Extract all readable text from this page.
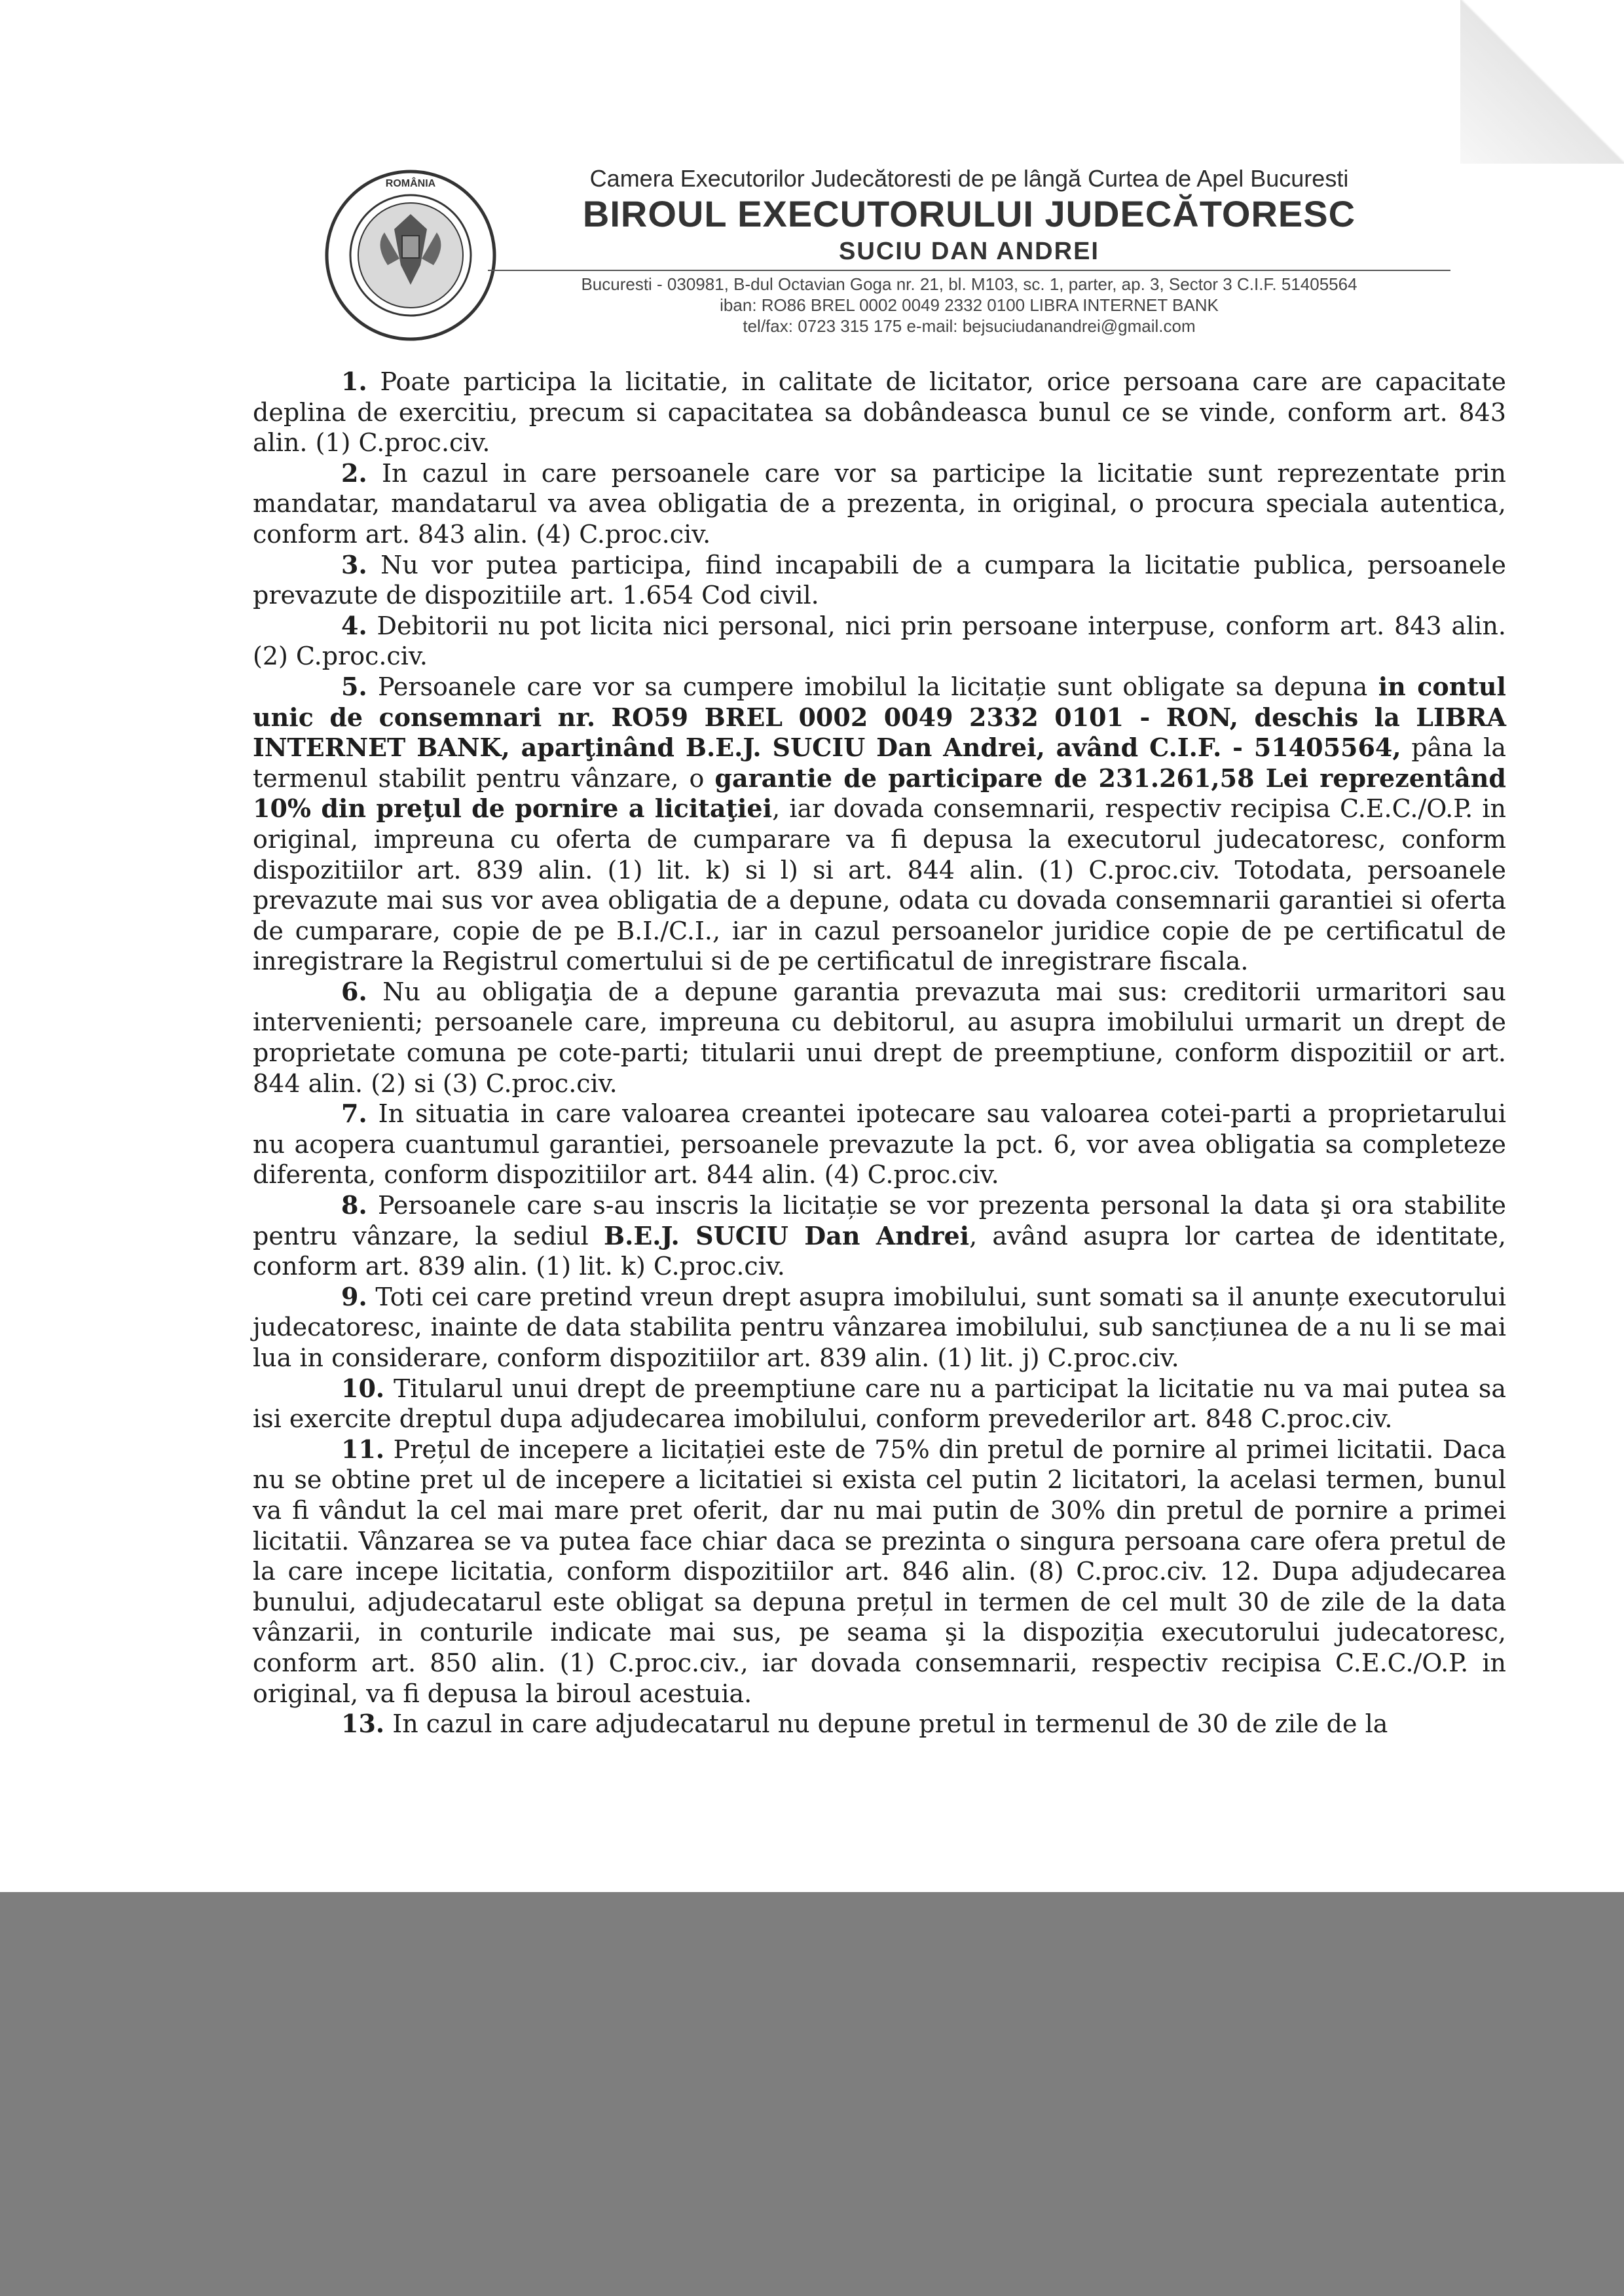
ROMÂNIA	Camera Executorilor Judecătoresti de pe lângă Curtea de Apel Bucuresti
BIROUL EXECUTORULUI JUDECĂTORESC
SUCIU DAN ANDREI
Bucuresti - 030981, B-dul Octavian Goga nr. 21, bl. M103, sc. 1, parter, ap. 3, Sector 3 C.I.F. 51405564
iban: RO86 BREL 0002 0049 2332 0100 LIBRA INTERNET BANK
tel/fax: 0723 315 175 e-mail: bejsuciudanandrei@gmail.com

1. Poate participa la licitatie, in calitate de licitator, orice persoana care are capacitate deplina de exercitiu, precum si capacitatea sa dobândeasca bunul ce se vinde, conform art. 843 alin. (1) C.proc.civ.

2. In cazul in care persoanele care vor sa participe la licitatie sunt reprezentate prin mandatar, mandatarul va avea obligatia de a prezenta, in original, o procura speciala autentica, conform art. 843 alin. (4) C.proc.civ.

3. Nu vor putea participa, fiind incapabili de a cumpara la licitatie publica, persoanele prevazute de dispozitiile art. 1.654 Cod civil.

4. Debitorii nu pot licita nici personal, nici prin persoane interpuse, conform art. 843 alin. (2) C.proc.civ.

5. Persoanele care vor sa cumpere imobilul la licitație sunt obligate sa depuna in contul unic de consemnari nr. RO59 BREL 0002 0049 2332 0101 - RON, deschis la LIBRA INTERNET BANK, aparţinând B.E.J. SUCIU Dan Andrei, având C.I.F. - 51405564, pâna la termenul stabilit pentru vânzare, o garantie de participare de 231.261,58 Lei reprezentând 10% din preţul de pornire a licitaţiei, iar dovada consemnarii, respectiv recipisa C.E.C./O.P. in original, impreuna cu oferta de cumparare va fi depusa la executorul judecatoresc, conform dispozitiilor art. 839 alin. (1) lit. k) si l) si art. 844 alin. (1) C.proc.civ. Totodata, persoanele prevazute mai sus vor avea obligatia de a depune, odata cu dovada consemnarii garantiei si oferta de cumparare, copie de pe B.I./C.I., iar in cazul persoanelor juridice copie de pe certificatul de inregistrare la Registrul comertului si de pe certificatul de inregistrare fiscala.

6. Nu au obligaţia de a depune garantia prevazuta mai sus: creditorii urmaritori sau intervenienti; persoanele care, impreuna cu debitorul, au asupra imobilului urmarit un drept de proprietate comuna pe cote-parti; titularii unui drept de preemptiune, conform dispozitiil or art. 844 alin. (2) si (3) C.proc.civ.

7. In situatia in care valoarea creantei ipotecare sau valoarea cotei-parti a proprietarului nu acopera cuantumul garantiei, persoanele prevazute la pct. 6, vor avea obligatia sa completeze diferenta, conform dispozitiilor art. 844 alin. (4) C.proc.civ.

8. Persoanele care s-au inscris la licitație se vor prezenta personal la data şi ora stabilite pentru vânzare, la sediul B.E.J. SUCIU Dan Andrei, având asupra lor cartea de identitate, conform art. 839 alin. (1) lit. k) C.proc.civ.

9. Toti cei care pretind vreun drept asupra imobilului, sunt somati sa il anunțe executorului judecatoresc, inainte de data stabilita pentru vânzarea imobilului, sub sancțiunea de a nu li se mai lua in considerare, conform dispozitiilor art. 839 alin. (1) lit. j) C.proc.civ.

10. Titularul unui drept de preemptiune care nu a participat la licitatie nu va mai putea sa isi exercite dreptul dupa adjudecarea imobilului, conform prevederilor art. 848 C.proc.civ.

11. Prețul de incepere a licitației este de 75% din pretul de pornire al primei licitatii. Daca nu se obtine pret ul de incepere a licitatiei si exista cel putin 2 licitatori, la acelasi termen, bunul va fi vândut la cel mai mare pret oferit, dar nu mai putin de 30% din pretul de pornire a primei licitatii. Vânzarea se va putea face chiar daca se prezinta o singura persoana care ofera pretul de la care incepe licitatia, conform dispozitiilor art. 846 alin. (8) C.proc.civ. 12. Dupa adjudecarea bunului, adjudecatarul este obligat sa depuna prețul in termen de cel mult 30 de zile de la data vânzarii, in conturile indicate mai sus, pe seama şi la dispoziția executorului judecatoresc, conform art. 850 alin. (1) C.proc.civ., iar dovada consemnarii, respectiv recipisa C.E.C./O.P. in original, va fi depusa la biroul acestuia.

13. In cazul in care adjudecatarul nu depune pretul in termenul de 30 de zile de la
